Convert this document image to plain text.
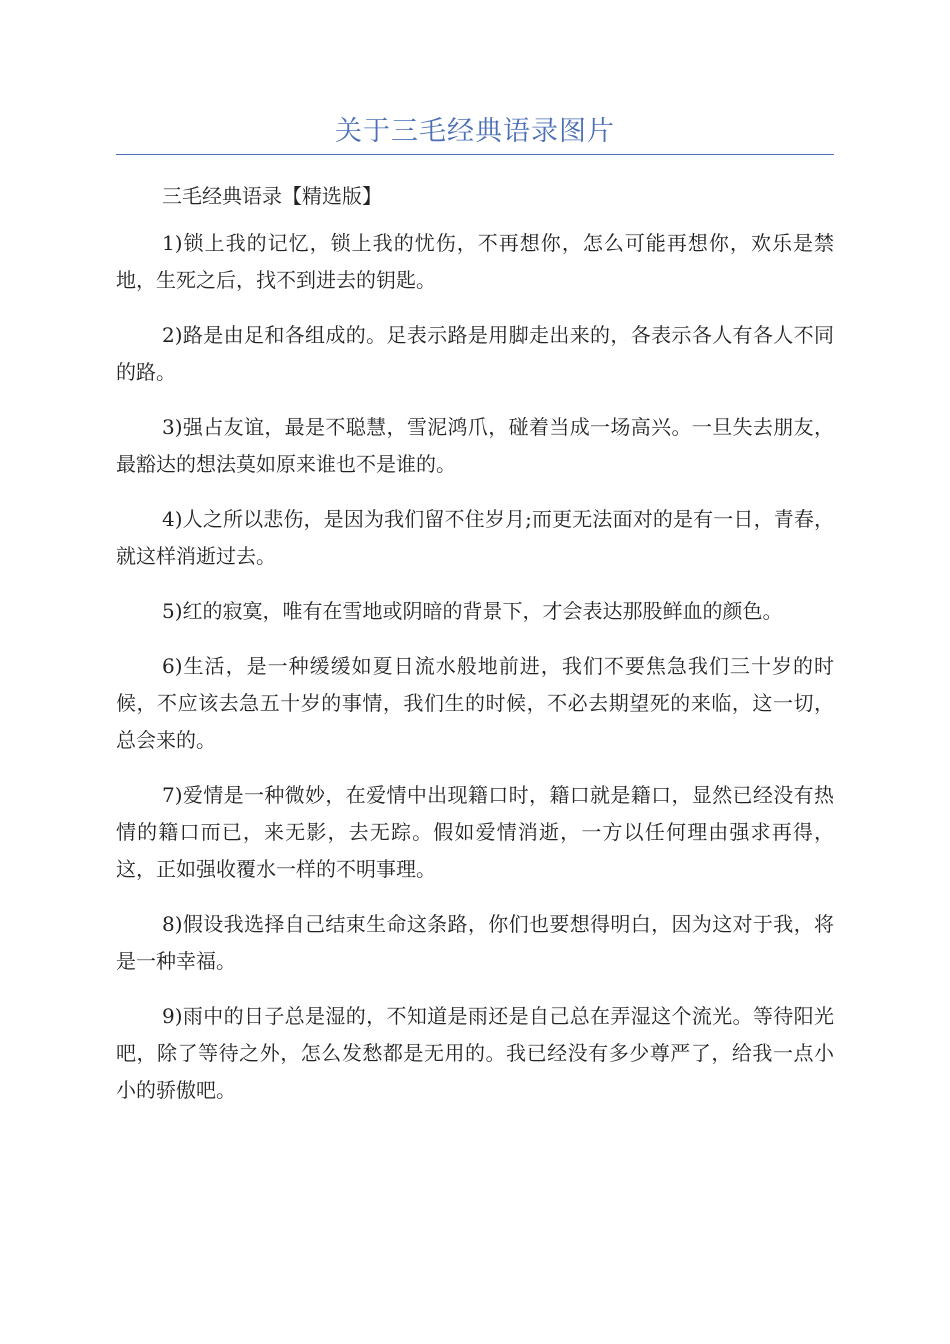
关于三毛经典语录图片
三毛经典语录【精选版】

1)锁上我的记忆，锁上我的忧伤，不再想你，怎么可能再想你，欢乐是禁地，生死之后，找不到进去的钥匙。

2)路是由足和各组成的。足表示路是用脚走出来的，各表示各人有各人不同的路。

3)强占友谊，最是不聪慧，雪泥鸿爪，碰着当成一场高兴。一旦失去朋友，最豁达的想法莫如原来谁也不是谁的。

4)人之所以悲伤，是因为我们留不住岁月;而更无法面对的是有一日，青春，就这样消逝过去。

5)红的寂寞，唯有在雪地或阴暗的背景下，才会表达那股鲜血的颜色。

6)生活，是一种缓缓如夏日流水般地前进，我们不要焦急我们三十岁的时候，不应该去急五十岁的事情，我们生的时候，不必去期望死的来临，这一切，总会来的。

7)爱情是一种微妙，在爱情中出现籍口时，籍口就是籍口，显然已经没有热情的籍口而已，来无影，去无踪。假如爱情消逝，一方以任何理由强求再得，这，正如强收覆水一样的不明事理。

8)假设我选择自己结束生命这条路，你们也要想得明白，因为这对于我，将是一种幸福。

9)雨中的日子总是湿的，不知道是雨还是自己总在弄湿这个流光。等待阳光吧，除了等待之外，怎么发愁都是无用的。我已经没有多少尊严了，给我一点小小的骄傲吧。
